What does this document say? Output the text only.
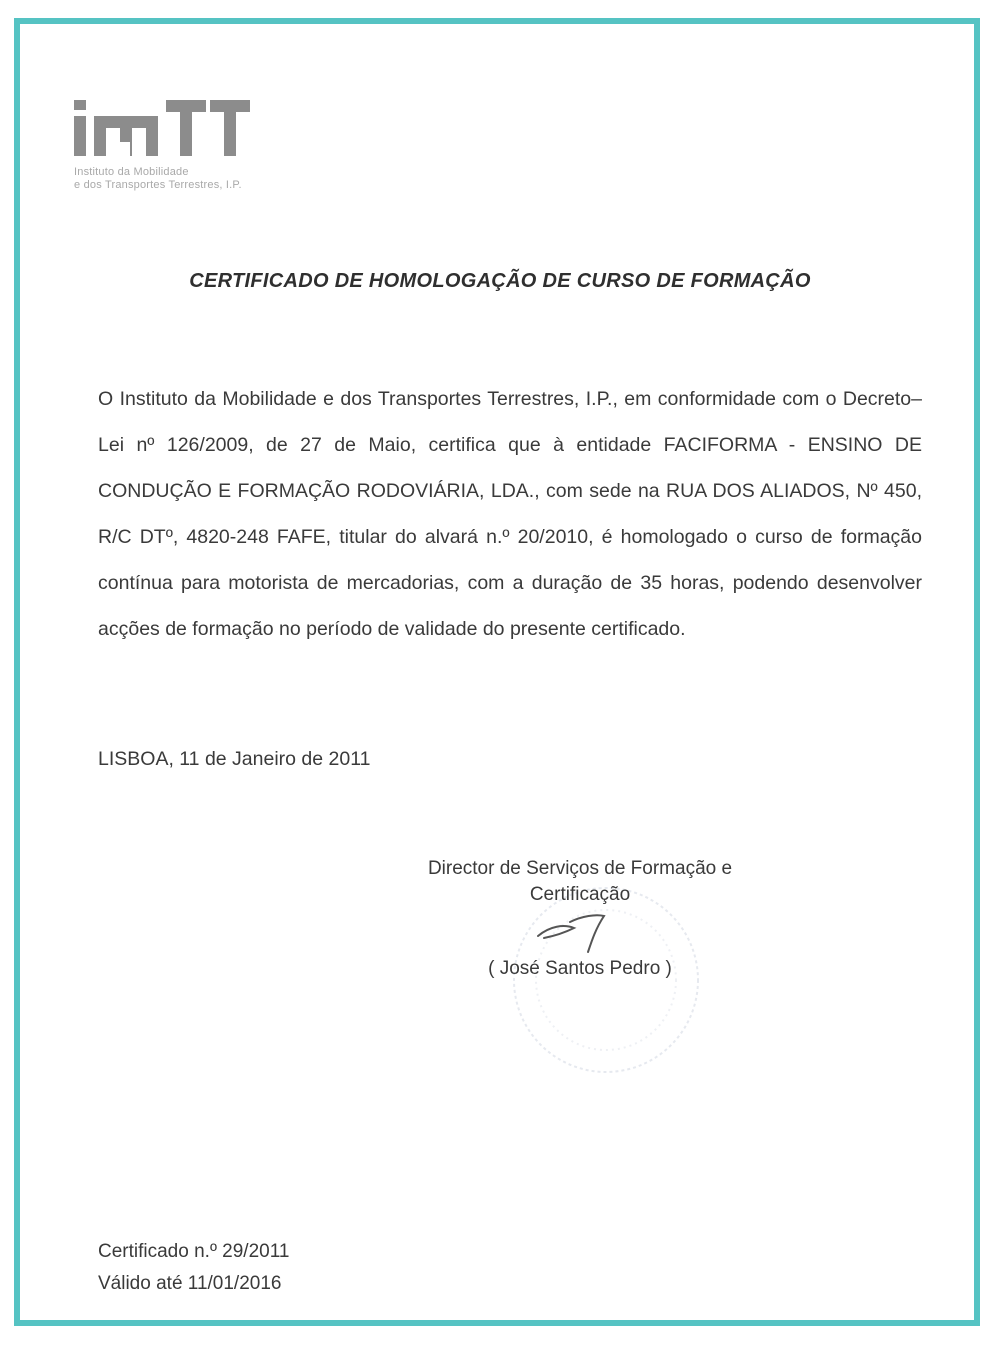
Instituto da Mobilidade
e dos Transportes Terrestres, I.P.
CERTIFICADO DE HOMOLOGAÇÃO DE CURSO DE FORMAÇÃO
O Instituto da Mobilidade e dos Transportes Terrestres, I.P., em conformidade com o Decreto–Lei nº 126/2009, de 27 de Maio, certifica que à entidade FACIFORMA - ENSINO DE CONDUÇÃO E FORMAÇÃO RODOVIÁRIA, LDA., com sede na RUA DOS ALIADOS, Nº 450, R/C DTº, 4820-248 FAFE, titular do alvará n.º 20/2010, é homologado o curso de formação contínua para motorista de mercadorias, com a duração de 35 horas, podendo desenvolver acções de formação no período de validade do presente certificado.
LISBOA, 11 de Janeiro de 2011
Director de Serviços de Formação e
Certificação
( José Santos Pedro )
Certificado n.º 29/2011
Válido até 11/01/2016
